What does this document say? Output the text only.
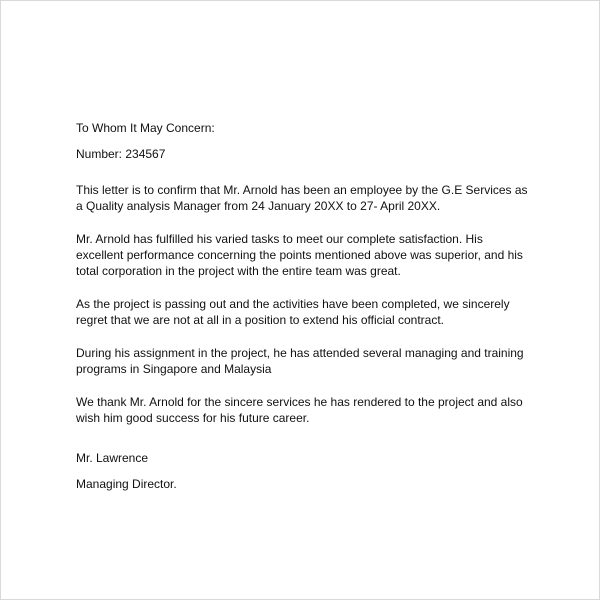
To Whom It May Concern:

Number: 234567

This letter is to confirm that Mr. Arnold has been an employee by the G.E Services as
a Quality analysis Manager from 24 January 20XX to 27- April 20XX.
Mr. Arnold has fulfilled his varied tasks to meet our complete satisfaction. His
excellent performance concerning the points mentioned above was superior, and his
total corporation in the project with the entire team was great.
As the project is passing out and the activities have been completed, we sincerely
regret that we are not at all in a position to extend his official contract.
During his assignment in the project, he has attended several managing and training
programs in Singapore and Malaysia
We thank Mr. Arnold for the sincere services he has rendered to the project and also
wish him good success for his future career.

Mr. Lawrence

Managing Director.
